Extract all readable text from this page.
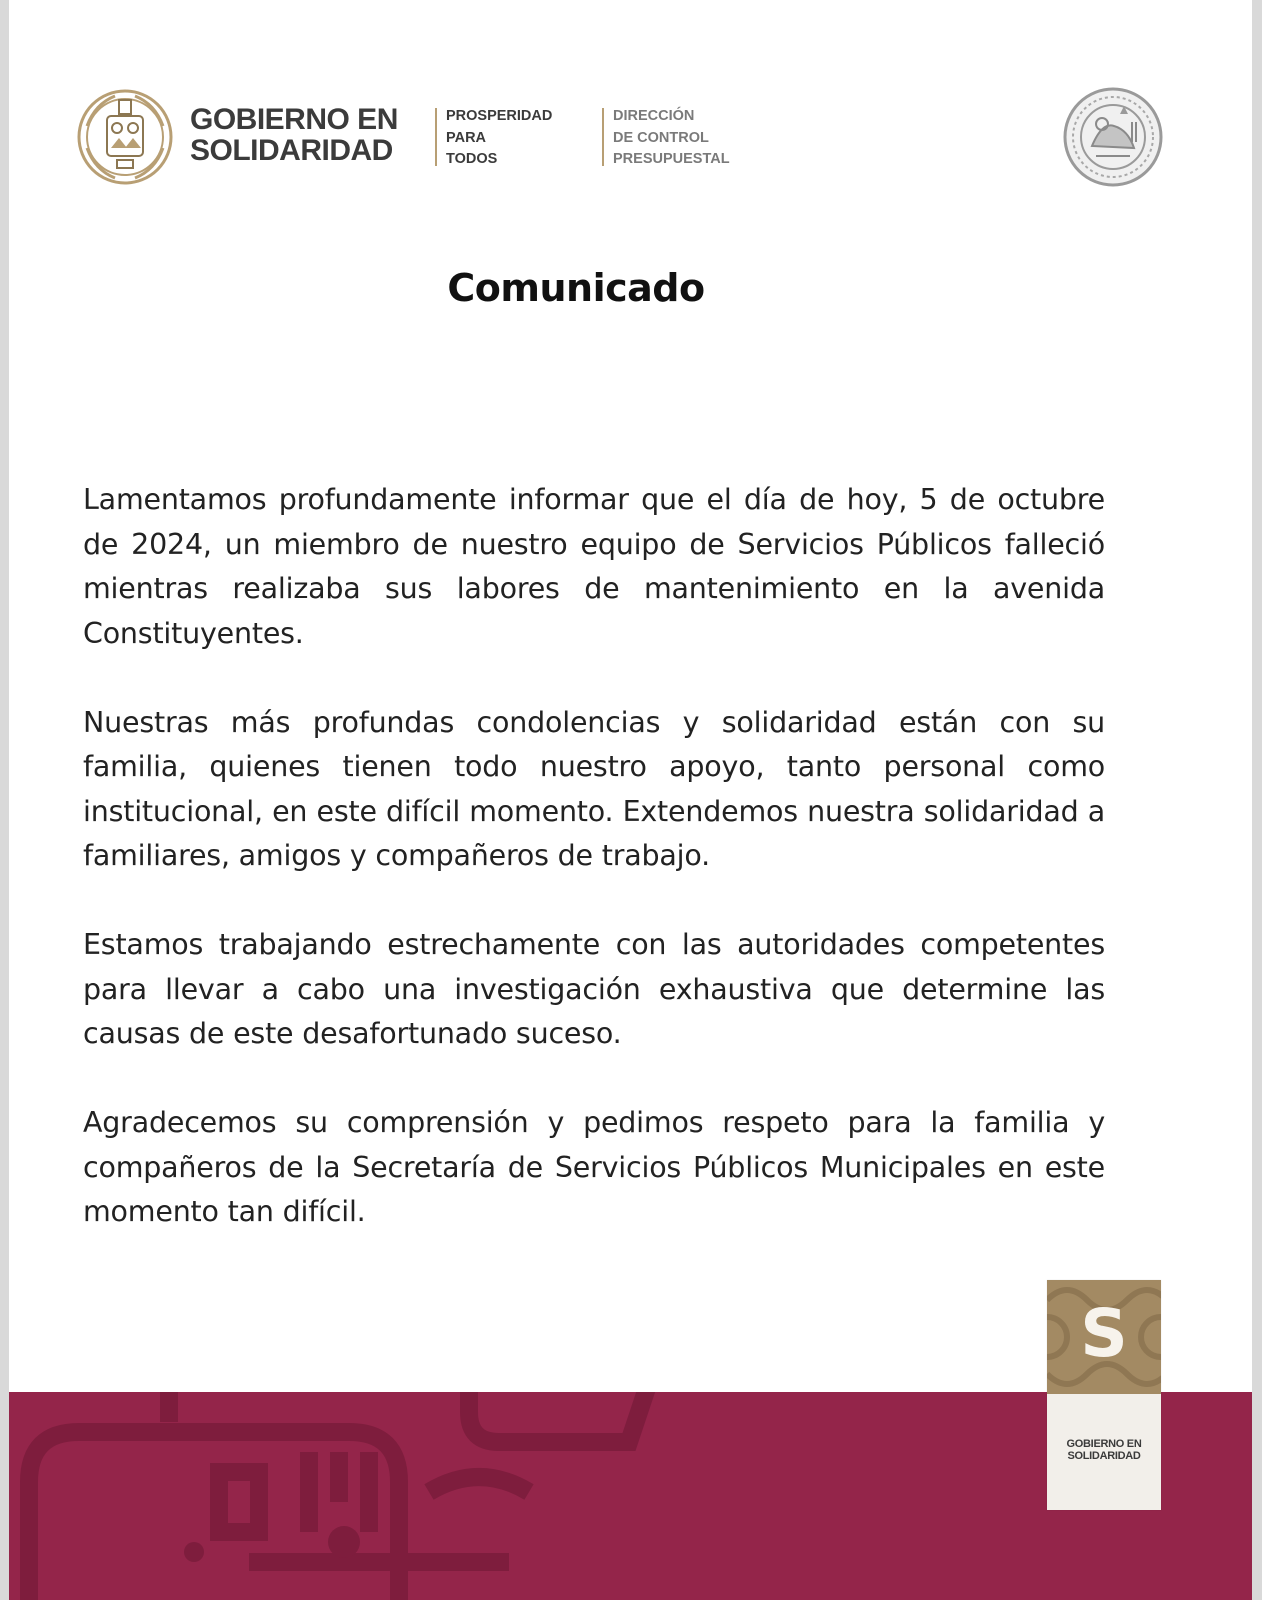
GOBIERNO EN
SOLIDARIDAD
PROSPERIDAD
PARA
TODOS
DIRECCIÓN
DE CONTROL
PRESUPUESTAL
Comunicado

Lamentamos profundamente informar que el día de hoy, 5 de octubre de 2024, un miembro de nuestro equipo de Servicios Públicos falleció mientras realizaba sus labores de mantenimiento en la avenida Constituyentes.

Nuestras más profundas condolencias y solidaridad están con su familia, quienes tienen todo nuestro apoyo, tanto personal como institucional, en este difícil momento. Extendemos nuestra solidaridad a familiares, amigos y compañeros de trabajo.

Estamos trabajando estrechamente con las autoridades competentes para llevar a cabo una investigación exhaustiva que determine las causas de este desafortunado suceso.

Agradecemos su comprensión y pedimos respeto para la familia y compañeros de la Secretaría de Servicios Públicos Municipales en este momento tan difícil.

S
GOBIERNO EN
SOLIDARIDAD
